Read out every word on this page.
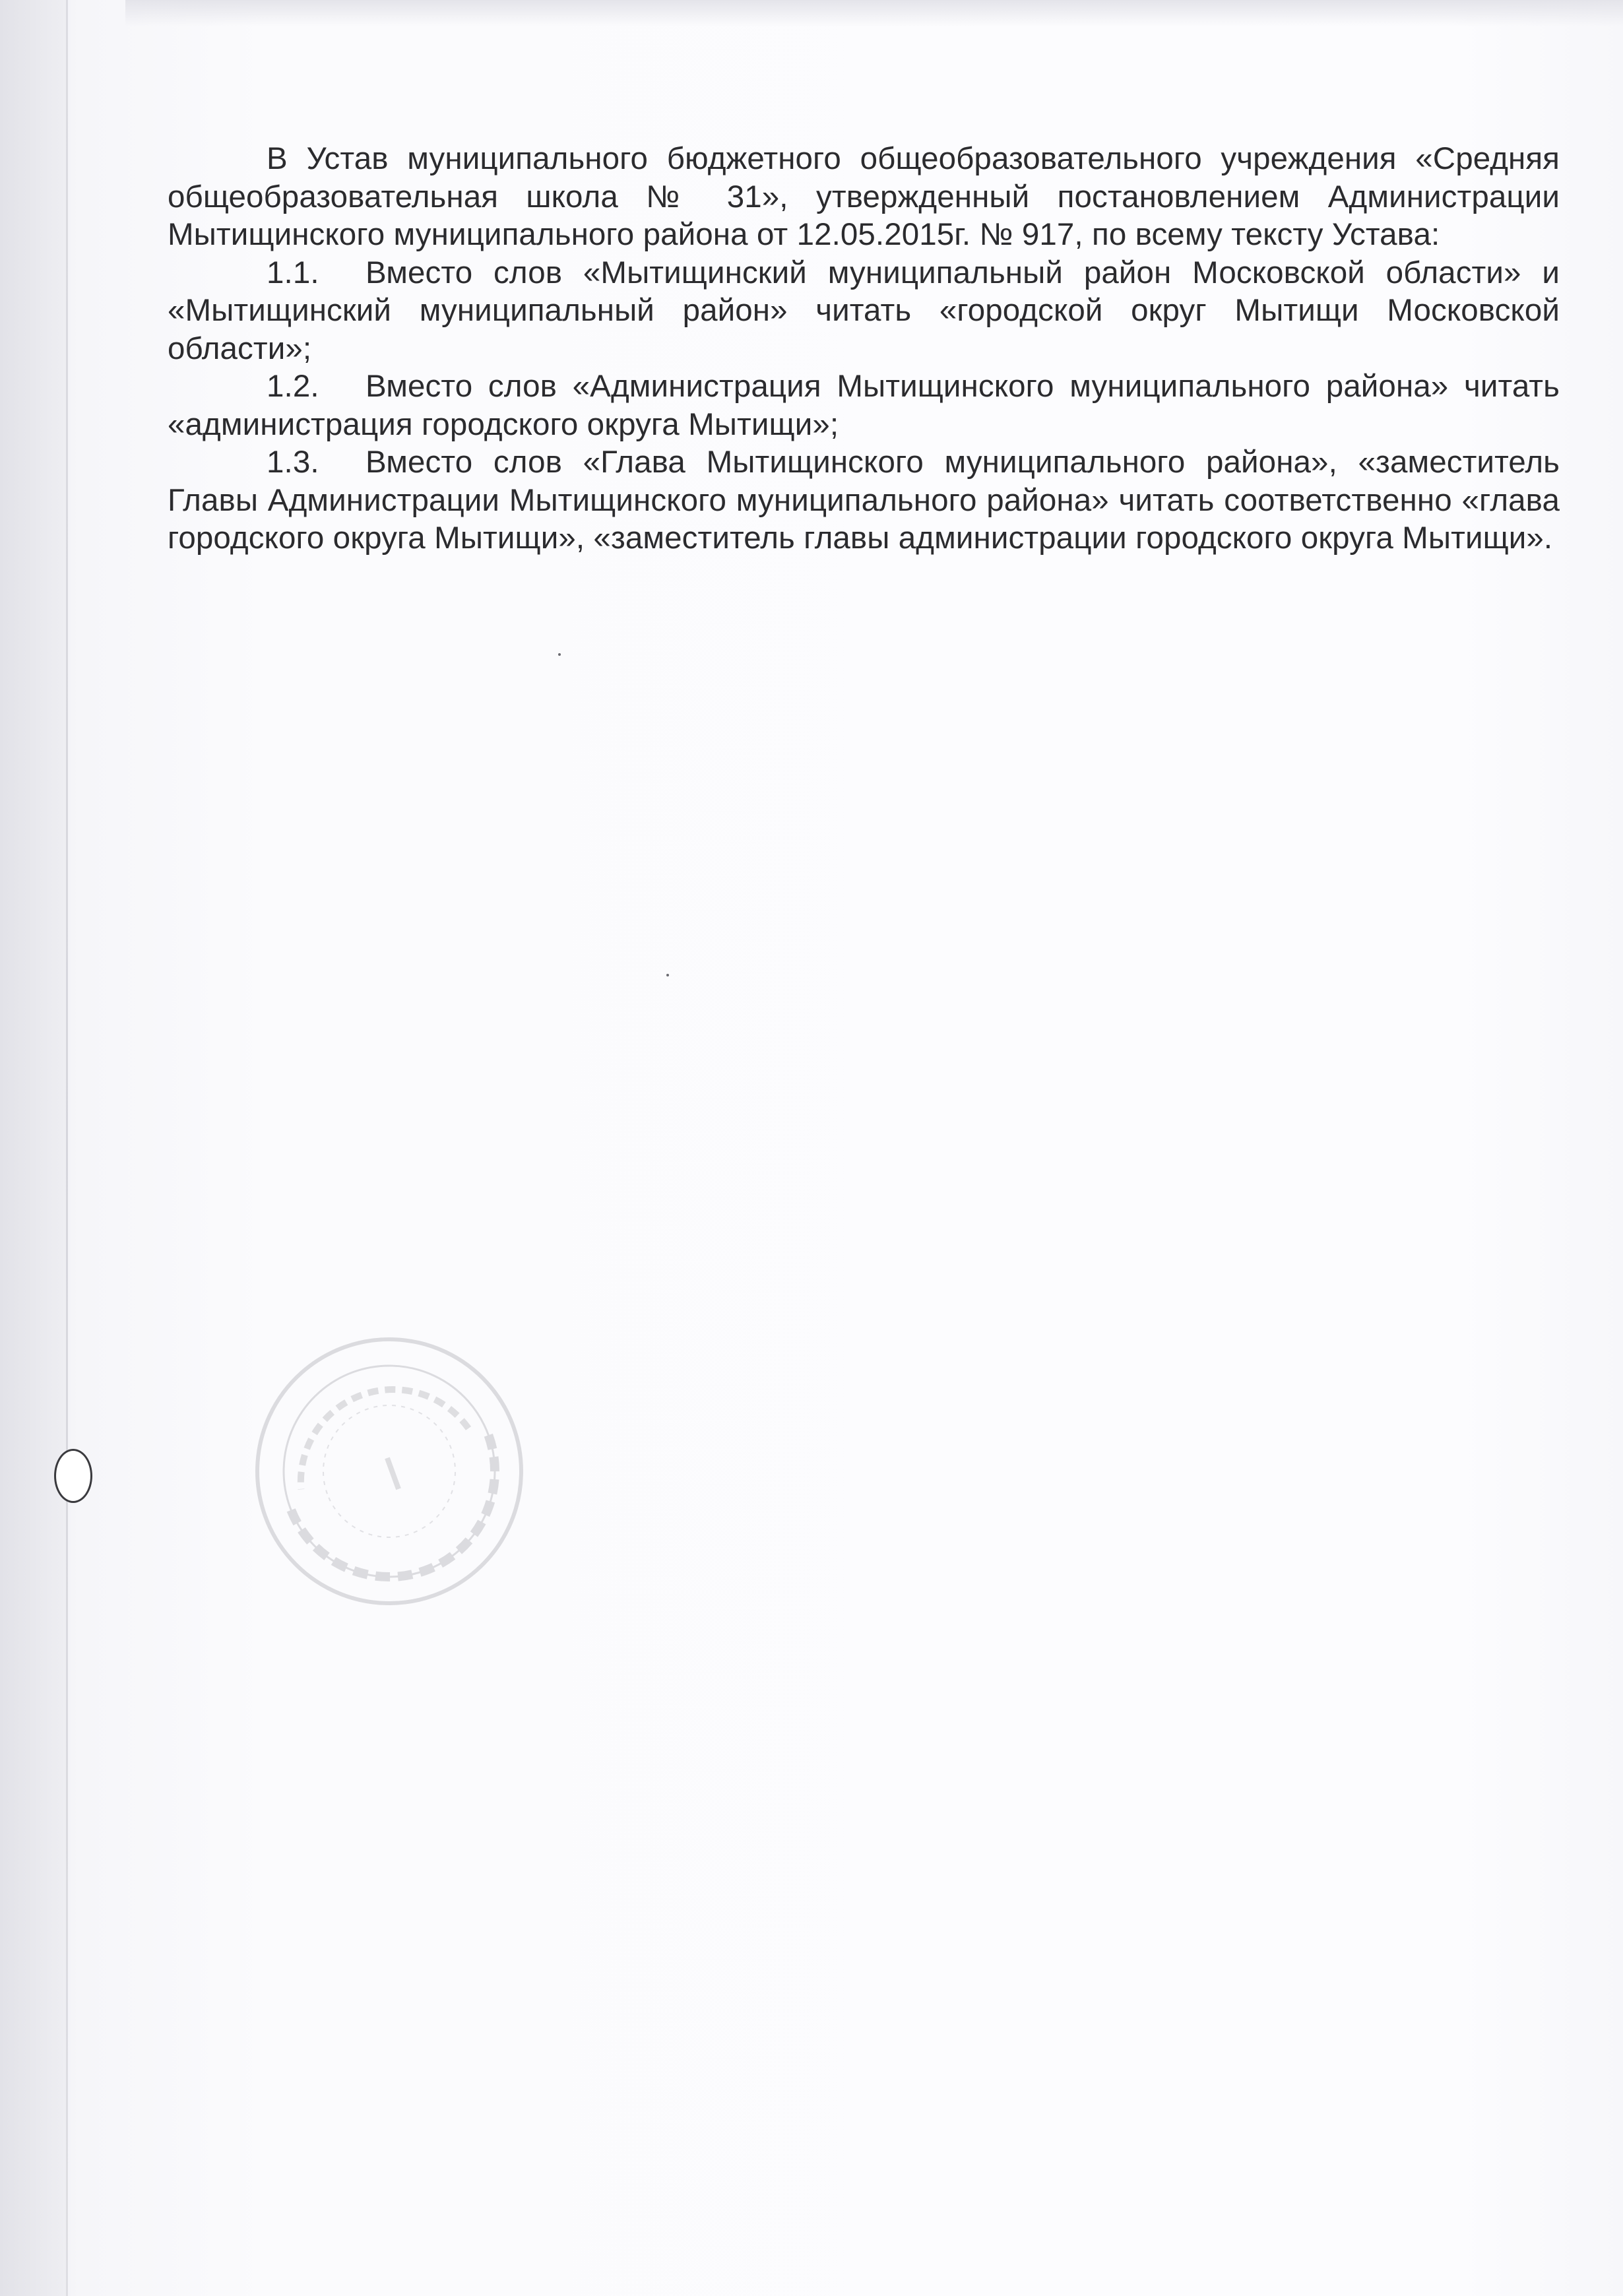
В Устав муниципального бюджетного общеобразовательного учреждения «Средняя общеобразовательная школа № 31», утвержденный постановлением Администрации Мытищинского муниципального района от 12.05.2015г. № 917, по всему тексту Устава:

1.1. Вместо слов «Мытищинский муниципальный район Московской области» и «Мытищинский муниципальный район» читать «городской округ Мытищи Московской области»;

1.2. Вместо слов «Администрация Мытищинского муниципального района» читать «администрация городского округа Мытищи»;

1.3. Вместо слов «Глава Мытищинского муниципального района», «заместитель Главы Администрации Мытищинского муниципального района» читать соответственно «глава городского округа Мытищи», «заместитель главы администрации городского округа Мытищи».
